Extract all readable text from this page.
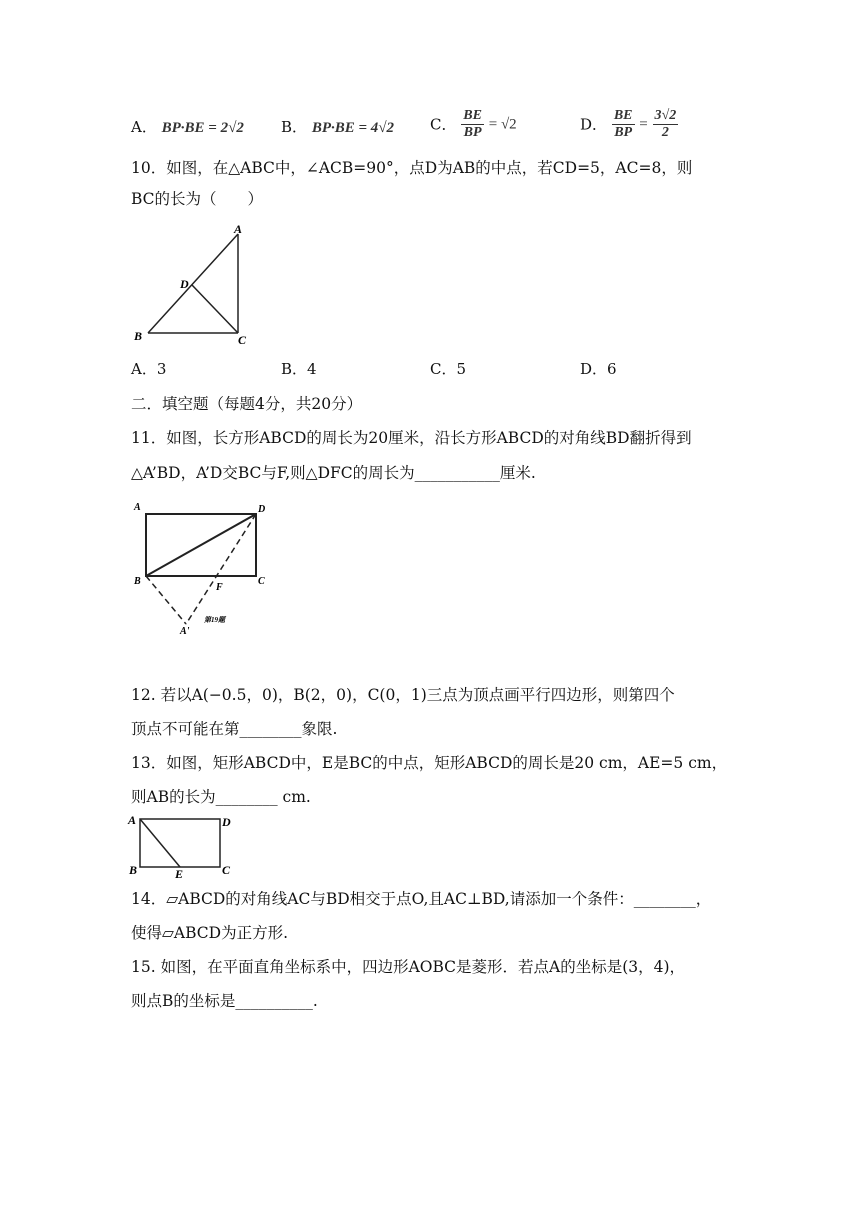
A． BP·BE = 2√2 B． BP·BE = 4√2 C． $\frac{BE}{BP} = √2$	D． $\frac{BE}{BP} = \frac{3√2}{2}$
10．如图，在△ABC中，∠ACB=90°，点D为AB的中点，若CD=5，AC=8，则
BC的长为（　　）
A
B	C
D
A．3	B．4	C．5	D．6
二．填空题（每题4分，共20分）
11．如图，长方形ABCD的周长为20厘米，沿长方形ABCD的对角线BD翻折得到
△A’BD，A’D交BC与F,则△DFC的周长为___________厘米.
A	D
B	C
F
A'
第19题
12. 若以A(−0.5，0)，B(2，0)，C(0，1)三点为顶点画平行四边形，则第四个
顶点不可能在第________象限.
13．如图，矩形ABCD中，E是BC的中点，矩形ABCD的周长是20 cm，AE=5 cm，
则AB的长为________ cm.
A	D
B	C
E
14．▱ABCD的对角线AC与BD相交于点O,且AC⊥BD,请添加一个条件：________，
使得▱ABCD为正方形.
15. 如图，在平面直角坐标系中，四边形AOBC是菱形．若点A的坐标是(3，4)，
则点B的坐标是__________.
